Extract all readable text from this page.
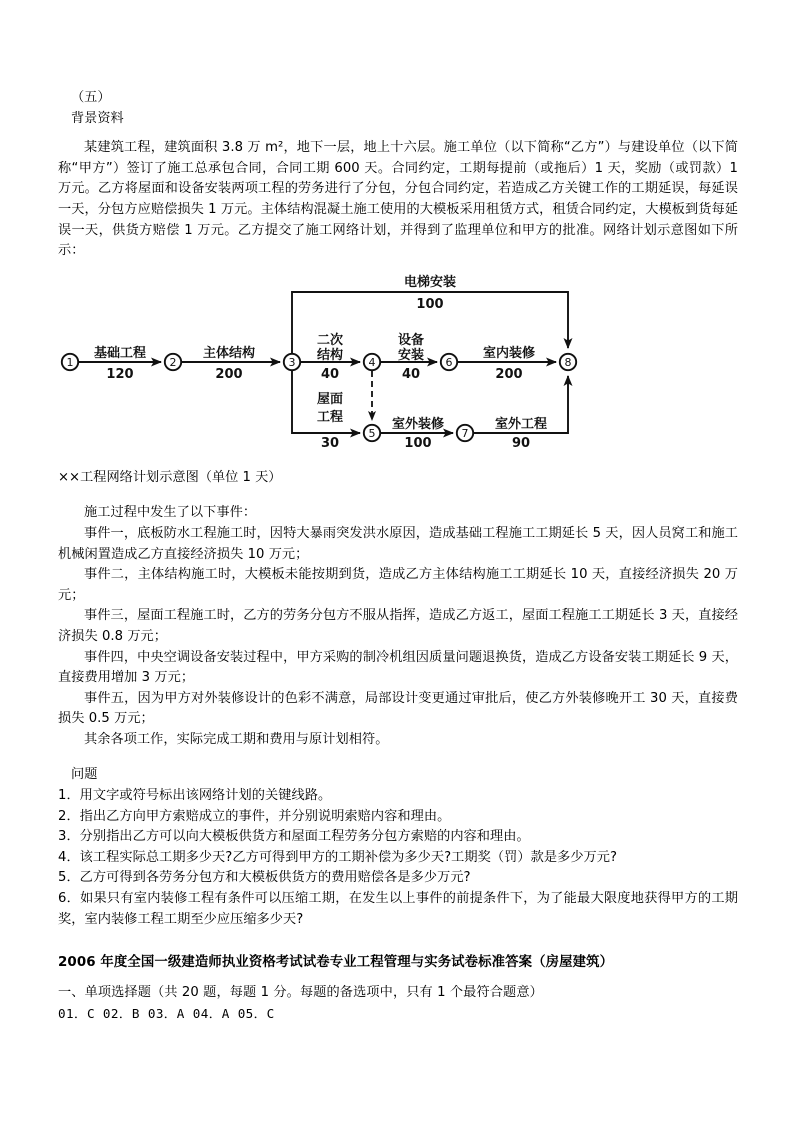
（五）
背景资料
某建筑工程，建筑面积 3.8 万 m²，地下一层，地上十六层。施工单位（以下简称“乙方”）与建设单位（以下简称“甲方”）签订了施工总承包合同，合同工期 600 天。合同约定，工期每提前（或拖后）1 天，奖励（或罚款）1 万元。乙方将屋面和设备安装两项工程的劳务进行了分包，分包合同约定，若造成乙方关键工作的工期延误，每延误一天，分包方应赔偿损失 1 万元。主体结构混凝土施工使用的大模板采用租赁方式，租赁合同约定，大模板到货每延误一天，供货方赔偿 1 万元。乙方提交了施工网络计划，并得到了监理单位和甲方的批准。网络计划示意图如下所示：
1	2	3	4
5
6
7
8
基础工程	主体结构
二次
结构
设备
安装	室内装修
电梯安装
屋面
工程	室外装修	室外工程
120	200	40	40	200
100
30	100	90
××工程网络计划示意图（单位 1 天）
施工过程中发生了以下事件：
事件一，底板防水工程施工时，因特大暴雨突发洪水原因，造成基础工程施工工期延长 5 天，因人员窝工和施工机械闲置造成乙方直接经济损失 10 万元；
事件二，主体结构施工时，大模板未能按期到货，造成乙方主体结构施工工期延长 10 天，直接经济损失 20 万元；
事件三，屋面工程施工时，乙方的劳务分包方不服从指挥，造成乙方返工，屋面工程施工工期延长 3 天，直接经济损失 0.8 万元；
事件四，中央空调设备安装过程中，甲方采购的制冷机组因质量问题退换货，造成乙方设备安装工期延长 9 天，直接费用增加 3 万元；
事件五，因为甲方对外装修设计的色彩不满意，局部设计变更通过审批后，使乙方外装修晚开工 30 天，直接费损失 0.5 万元；
其余各项工作，实际完成工期和费用与原计划相符。
问题
1．用文字或符号标出该网络计划的关键线路。
2．指出乙方向甲方索赔成立的事件，并分别说明索赔内容和理由。
3．分别指出乙方可以向大模板供货方和屋面工程劳务分包方索赔的内容和理由。
4．该工程实际总工期多少天?乙方可得到甲方的工期补偿为多少天?工期奖（罚）款是多少万元?
5．乙方可得到各劳务分包方和大模板供货方的费用赔偿各是多少万元?
6．如果只有室内装修工程有条件可以压缩工期，在发生以上事件的前提条件下，为了能最大限度地获得甲方的工期奖，室内装修工程工期至少应压缩多少天?
2006 年度全国一级建造师执业资格考试试卷专业工程管理与实务试卷标准答案（房屋建筑）
一、单项选择题（共 20 题，每题 1 分。每题的备选项中，只有 1 个最符合题意）
01．C 02．B 03．A 04．A 05．C
